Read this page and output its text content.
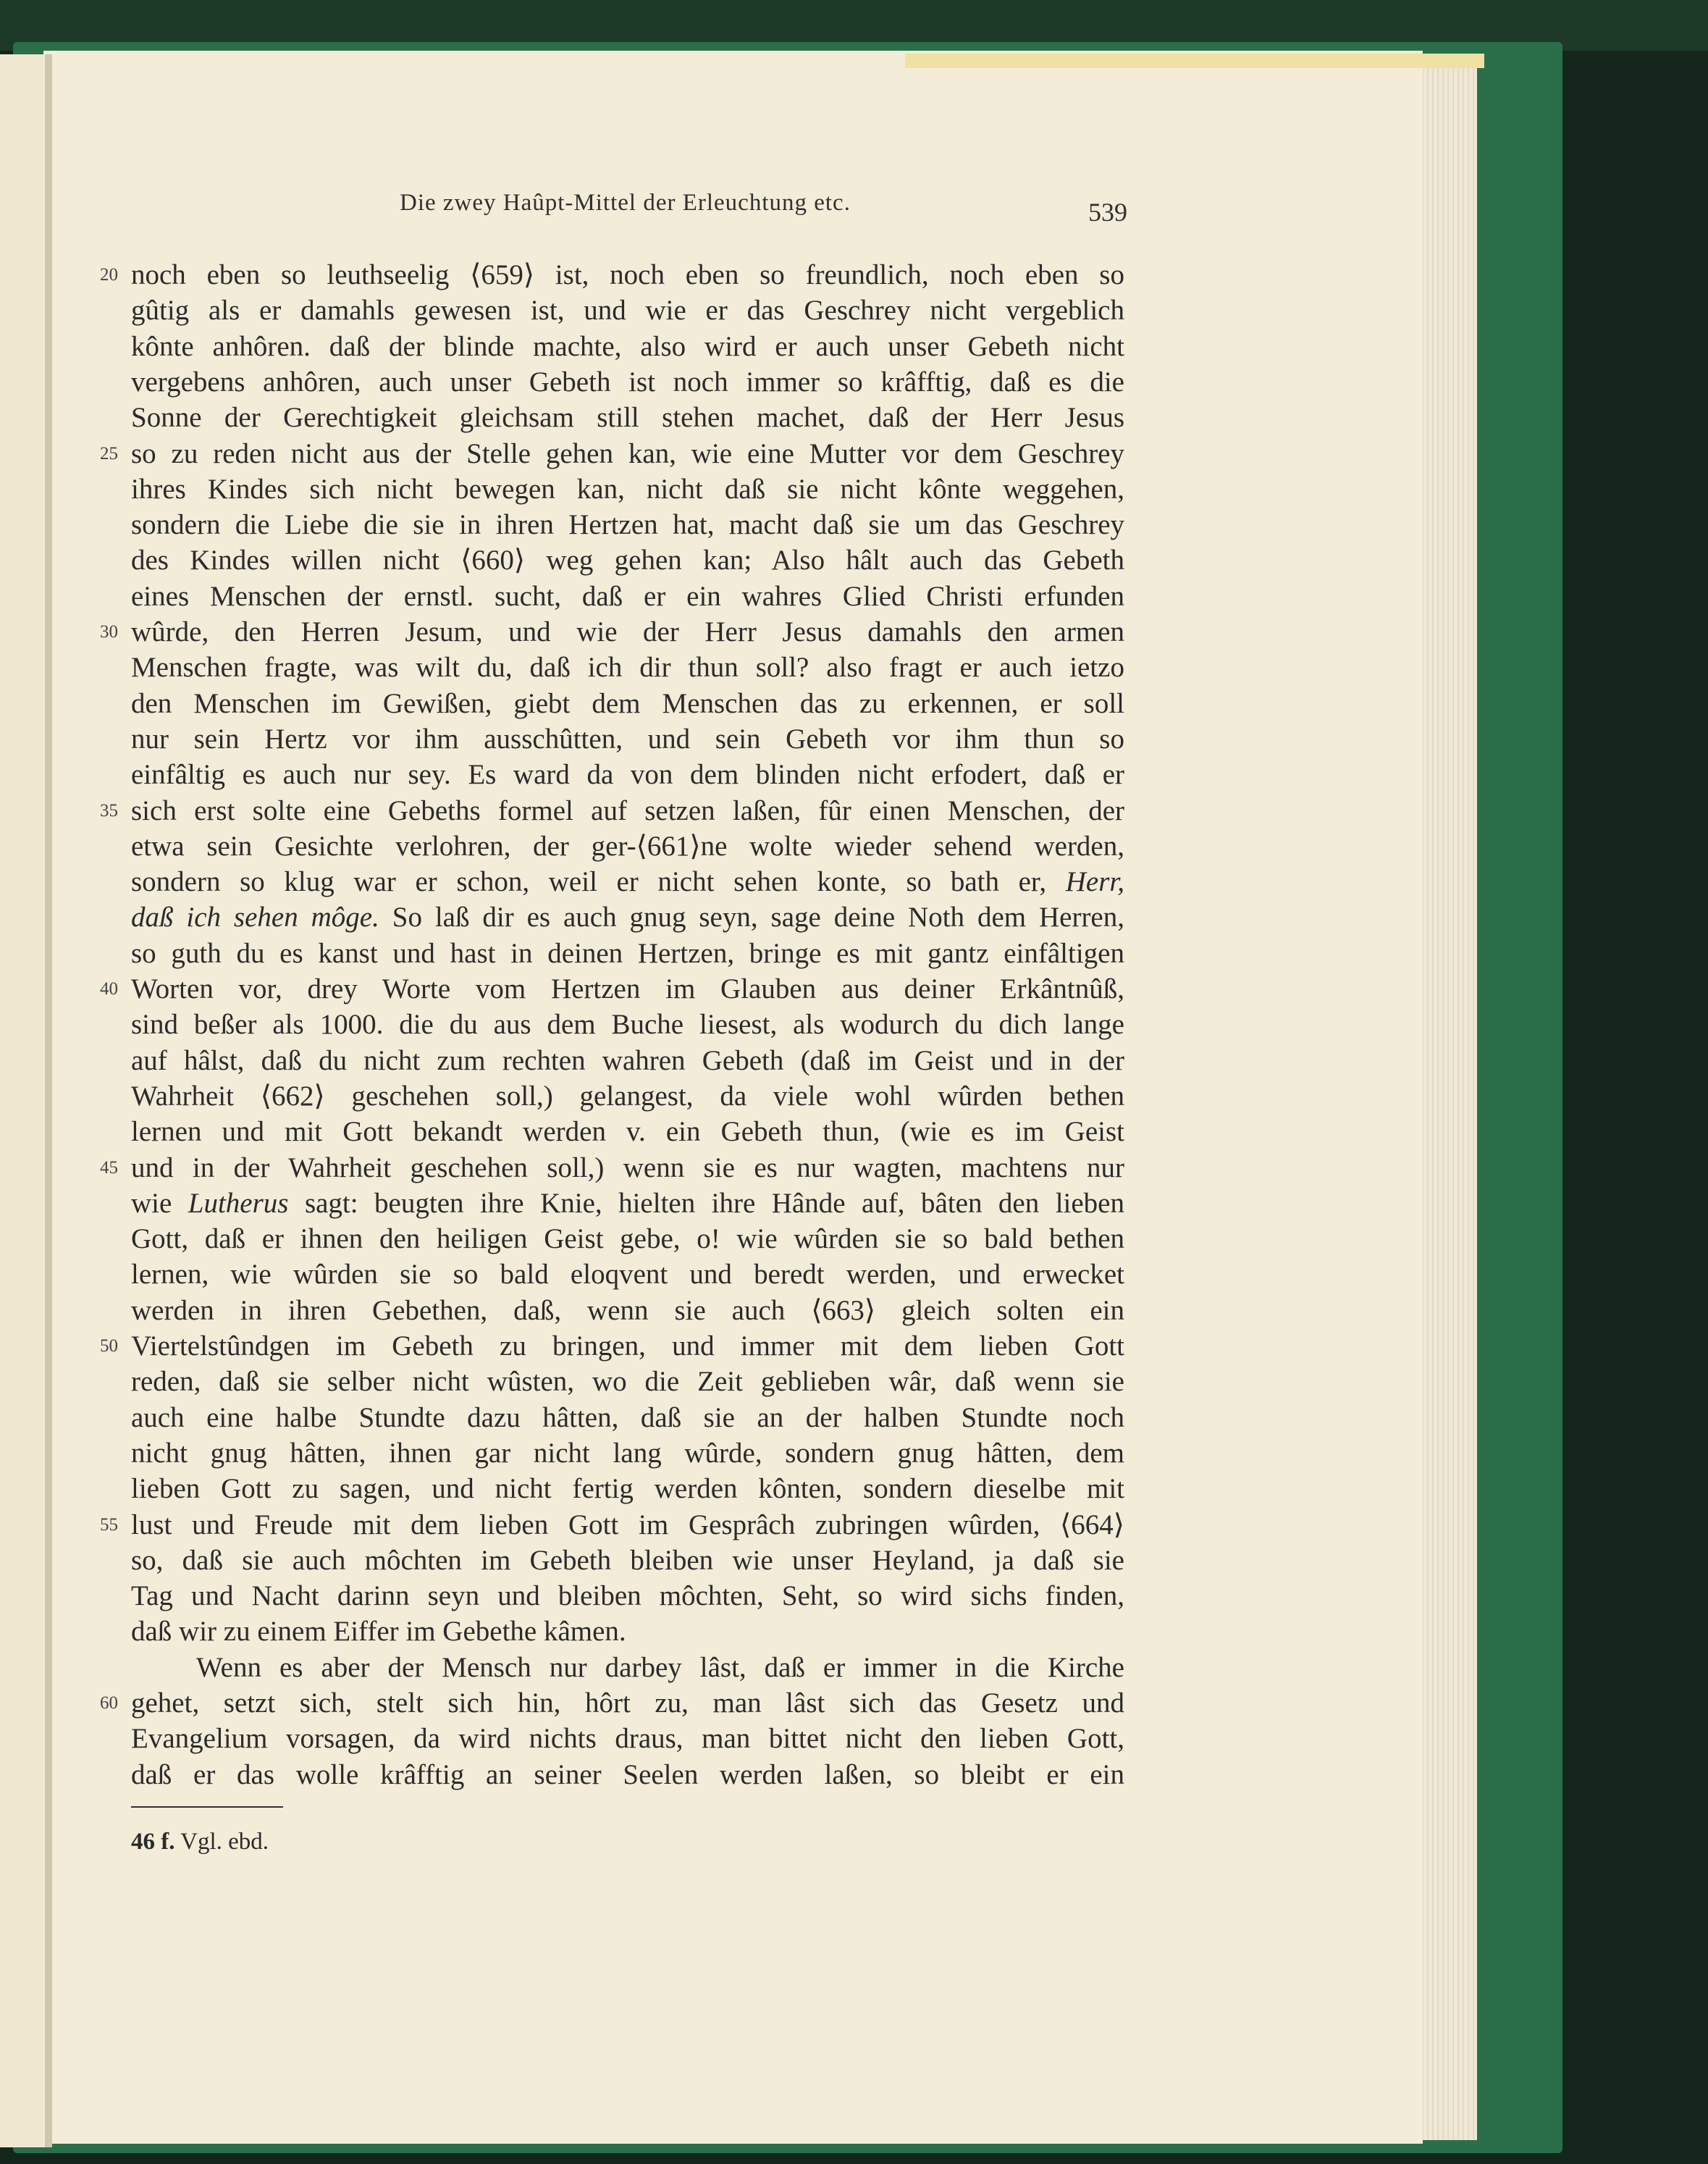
Die zwey Haûpt-Mittel der Erleuchtung etc.	539
noch eben so leuthseelig ⟨659⟩ ist, noch eben so freundlich, noch eben so
gûtig als er damahls gewesen ist, und wie er das Geschrey nicht vergeblich
kônte anhôren. daß der blinde machte, also wird er auch unser Gebeth nicht
vergebens anhôren, auch unser Gebeth ist noch immer so krâfftig, daß es die
Sonne der Gerechtigkeit gleichsam still stehen machet, daß der Herr Jesus
so zu reden nicht aus der Stelle gehen kan, wie eine Mutter vor dem Geschrey
ihres Kindes sich nicht bewegen kan, nicht daß sie nicht kônte weggehen,
sondern die Liebe die sie in ihren Hertzen hat, macht daß sie um das Geschrey
des Kindes willen nicht ⟨660⟩ weg gehen kan; Also hâlt auch das Gebeth
eines Menschen der ernstl. sucht, daß er ein wahres Glied Christi erfunden
wûrde, den Herren Jesum, und wie der Herr Jesus damahls den armen
Menschen fragte, was wilt du, daß ich dir thun soll? also fragt er auch ietzo
den Menschen im Gewißen, giebt dem Menschen das zu erkennen, er soll
nur sein Hertz vor ihm ausschûtten, und sein Gebeth vor ihm thun so
einfâltig es auch nur sey. Es ward da von dem blinden nicht erfodert, daß er
sich erst solte eine Gebeths formel auf setzen laßen, fûr einen Menschen, der
etwa sein Gesichte verlohren, der ger-⟨661⟩ne wolte wieder sehend werden,
sondern so klug war er schon, weil er nicht sehen konte, so bath er, Herr,
daß ich sehen môge. So laß dir es auch gnug seyn, sage deine Noth dem Herren,
so guth du es kanst und hast in deinen Hertzen, bringe es mit gantz einfâltigen
Worten vor, drey Worte vom Hertzen im Glauben aus deiner Erkântnûß,
sind beßer als 1000. die du aus dem Buche liesest, als wodurch du dich lange
auf hâlst, daß du nicht zum rechten wahren Gebeth (daß im Geist und in der
Wahrheit ⟨662⟩ geschehen soll,) gelangest, da viele wohl wûrden bethen
lernen und mit Gott bekandt werden v. ein Gebeth thun, (wie es im Geist
und in der Wahrheit geschehen soll,) wenn sie es nur wagten, machtens nur
wie Lutherus sagt: beugten ihre Knie, hielten ihre Hânde auf, bâten den lieben
Gott, daß er ihnen den heiligen Geist gebe, o! wie wûrden sie so bald bethen
lernen, wie wûrden sie so bald eloqvent und beredt werden, und erwecket
werden in ihren Gebethen, daß, wenn sie auch ⟨663⟩ gleich solten ein
Viertelstûndgen im Gebeth zu bringen, und immer mit dem lieben Gott
reden, daß sie selber nicht wûsten, wo die Zeit geblieben wâr, daß wenn sie
auch eine halbe Stundte dazu hâtten, daß sie an der halben Stundte noch
nicht gnug hâtten, ihnen gar nicht lang wûrde, sondern gnug hâtten, dem
lieben Gott zu sagen, und nicht fertig werden kônten, sondern dieselbe mit
lust und Freude mit dem lieben Gott im Gesprâch zubringen wûrden, ⟨664⟩
so, daß sie auch môchten im Gebeth bleiben wie unser Heyland, ja daß sie
Tag und Nacht darinn seyn und bleiben môchten, Seht, so wird sichs finden,
daß wir zu einem Eiffer im Gebethe kâmen.
Wenn es aber der Mensch nur darbey lâst, daß er immer in die Kirche
gehet, setzt sich, stelt sich hin, hôrt zu, man lâst sich das Gesetz und
Evangelium vorsagen, da wird nichts draus, man bittet nicht den lieben Gott,
daß er das wolle krâfftig an seiner Seelen werden laßen, so bleibt er ein
20
25
30
35
40
45
50
55
60
46 f. Vgl. ebd.
